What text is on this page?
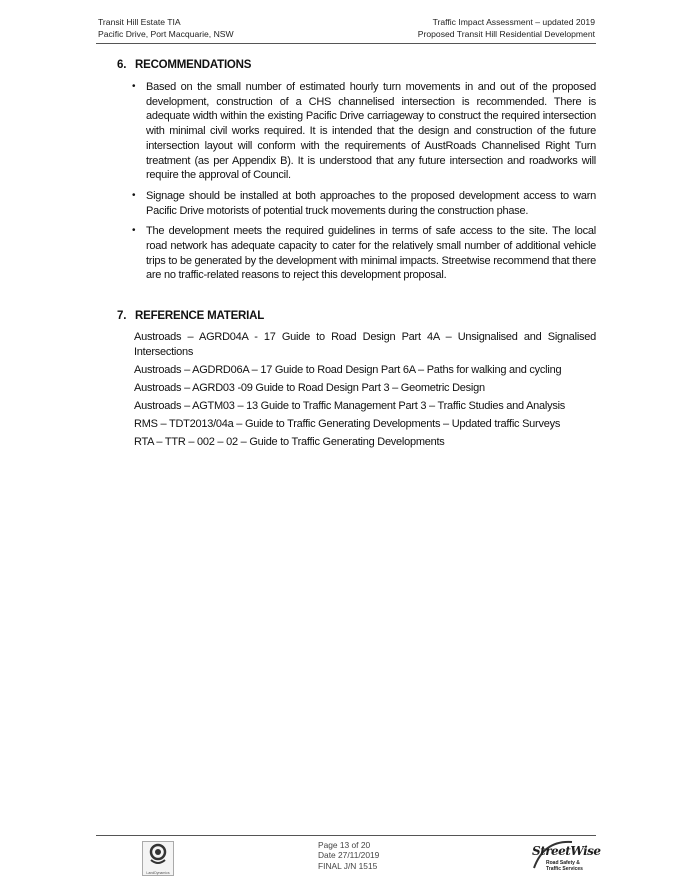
Transit Hill Estate TIA
Pacific Drive, Port Macquarie, NSW
Traffic Impact Assessment – updated 2019
Proposed Transit Hill Residential Development
6. RECOMMENDATIONS
• Based on the small number of estimated hourly turn movements in and out of the proposed development, construction of a CHS channelised intersection is recommended. There is adequate width within the existing Pacific Drive carriageway to construct the required intersection with minimal civil works required. It is intended that the design and construction of the future intersection layout will conform with the requirements of AustRoads Channelised Right Turn treatment (as per Appendix B). It is understood that any future intersection and roadworks will require the approval of Council.
• Signage should be installed at both approaches to the proposed development access to warn Pacific Drive motorists of potential truck movements during the construction phase.
• The development meets the required guidelines in terms of safe access to the site. The local road network has adequate capacity to cater for the relatively small number of additional vehicle trips to be generated by the development with minimal impacts. Streetwise recommend that there are no traffic-related reasons to reject this development proposal.
7. REFERENCE MATERIAL

Austroads – AGRD04A - 17 Guide to Road Design Part 4A – Unsignalised and Signalised Intersections

Austroads – AGDRD06A – 17 Guide to Road Design Part 6A – Paths for walking and cycling

Austroads – AGRD03 -09 Guide to Road Design Part 3 – Geometric Design

Austroads – AGTM03 – 13 Guide to Traffic Management Part 3 – Traffic Studies and Analysis

RMS – TDT2013/04a – Guide to Traffic Generating Developments – Updated traffic Surveys

RTA – TTR – 002 – 02 – Guide to Traffic Generating Developments

LandDynamics
Page 13 of 20
Date 27/11/2019
FINAL J/N 1515
StreetWise
Road Safety &
Traffic Services
